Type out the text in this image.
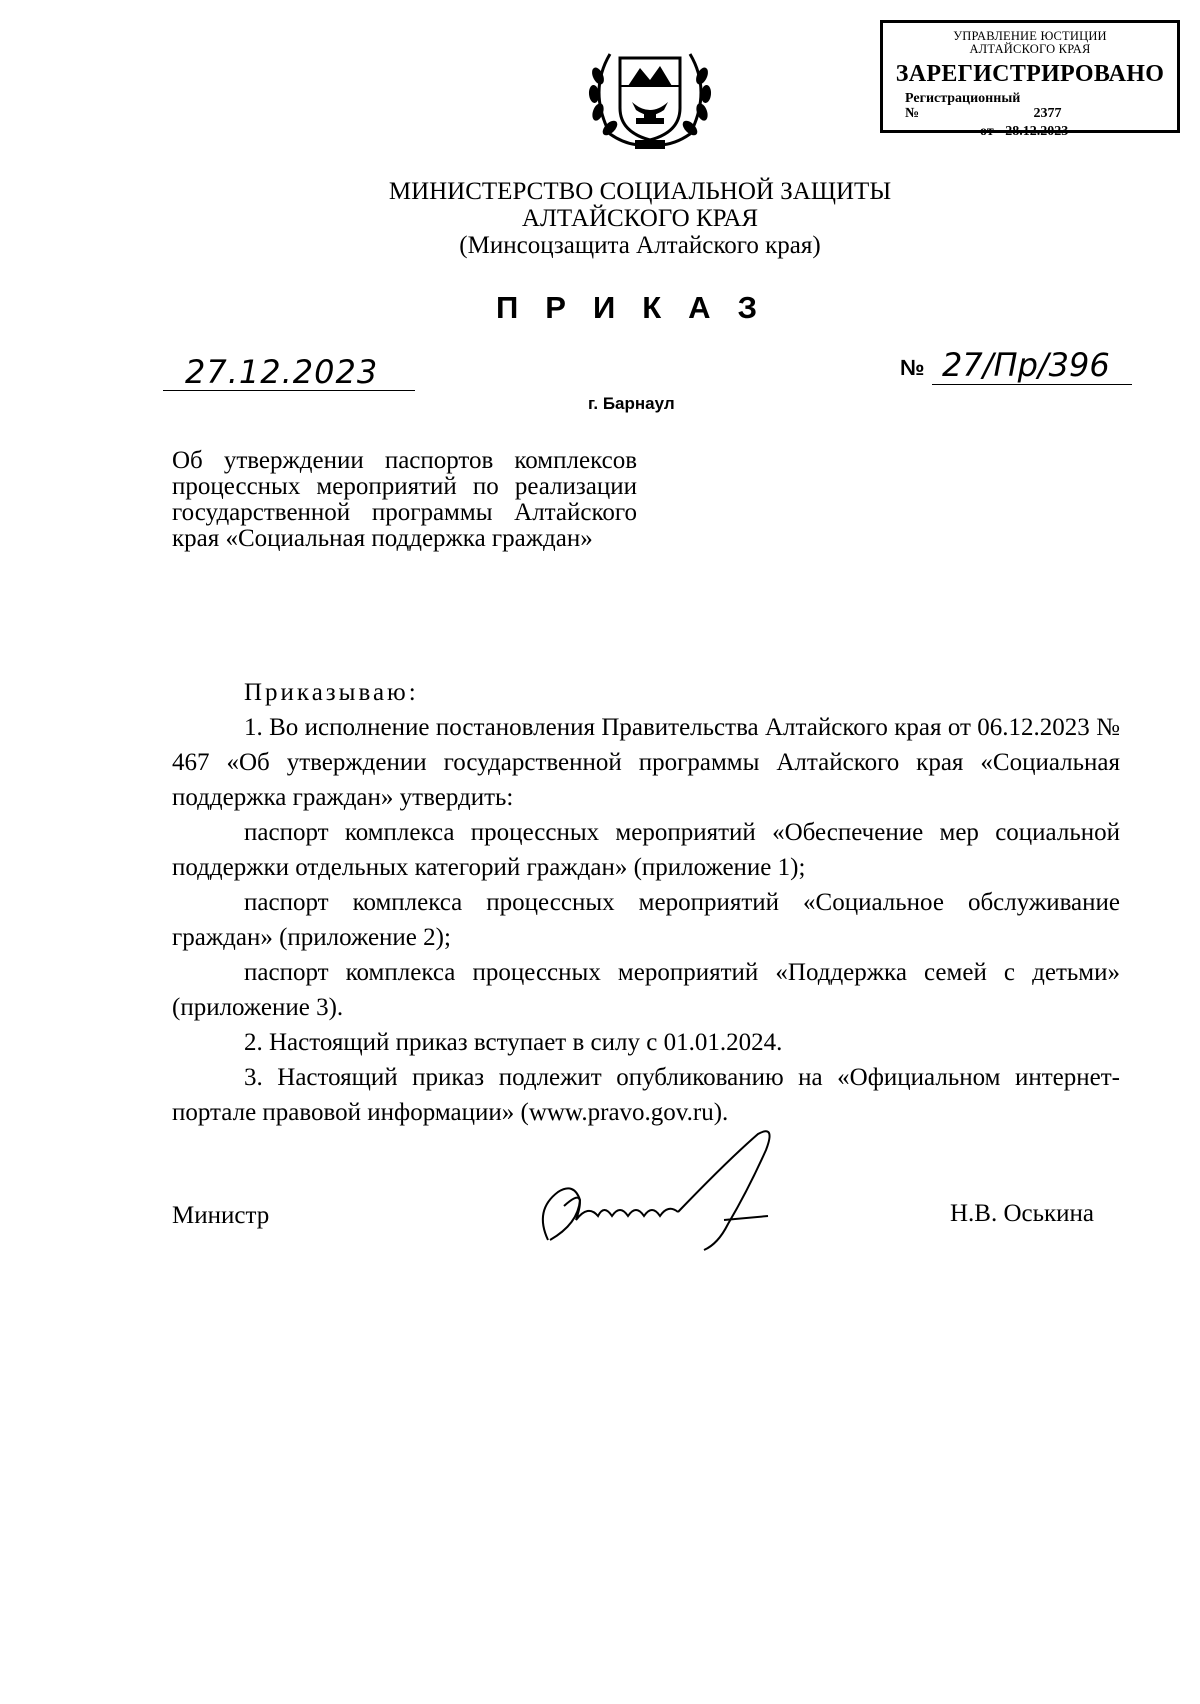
УПРАВЛЕНИЕ ЮСТИЦИИ
АЛТАЙСКОГО КРАЯ
ЗАРЕГИСТРИРОВАНО
Регистрационный №	2377
от 28.12.2023
МИНИСТЕРСТВО СОЦИАЛЬНОЙ ЗАЩИТЫ
АЛТАЙСКОГО КРАЯ
(Минсоцзащита Алтайского края)
ПРИКАЗ
27.12.2023	№ 27/Пр/396
г. Барнаул
Об утверждении паспортов комплексов процессных мероприятий по реализации государственной программы Алтайского края «Социальная поддержка граждан»

Приказываю:

1. Во исполнение постановления Правительства Алтайского края от 06.12.2023 № 467 «Об утверждении государственной программы Алтайского края «Социальная поддержка граждан» утвердить:

паспорт комплекса процессных мероприятий «Обеспечение мер социальной поддержки отдельных категорий граждан» (приложение 1);

паспорт комплекса процессных мероприятий «Социальное обслуживание граждан» (приложение 2);

паспорт комплекса процессных мероприятий «Поддержка семей с детьми» (приложение 3).

2. Настоящий приказ вступает в силу с 01.01.2024.

3. Настоящий приказ подлежит опубликованию на «Официальном интернет-портале правовой информации» (www.pravo.gov.ru).

Министр	Н.В. Оськина
